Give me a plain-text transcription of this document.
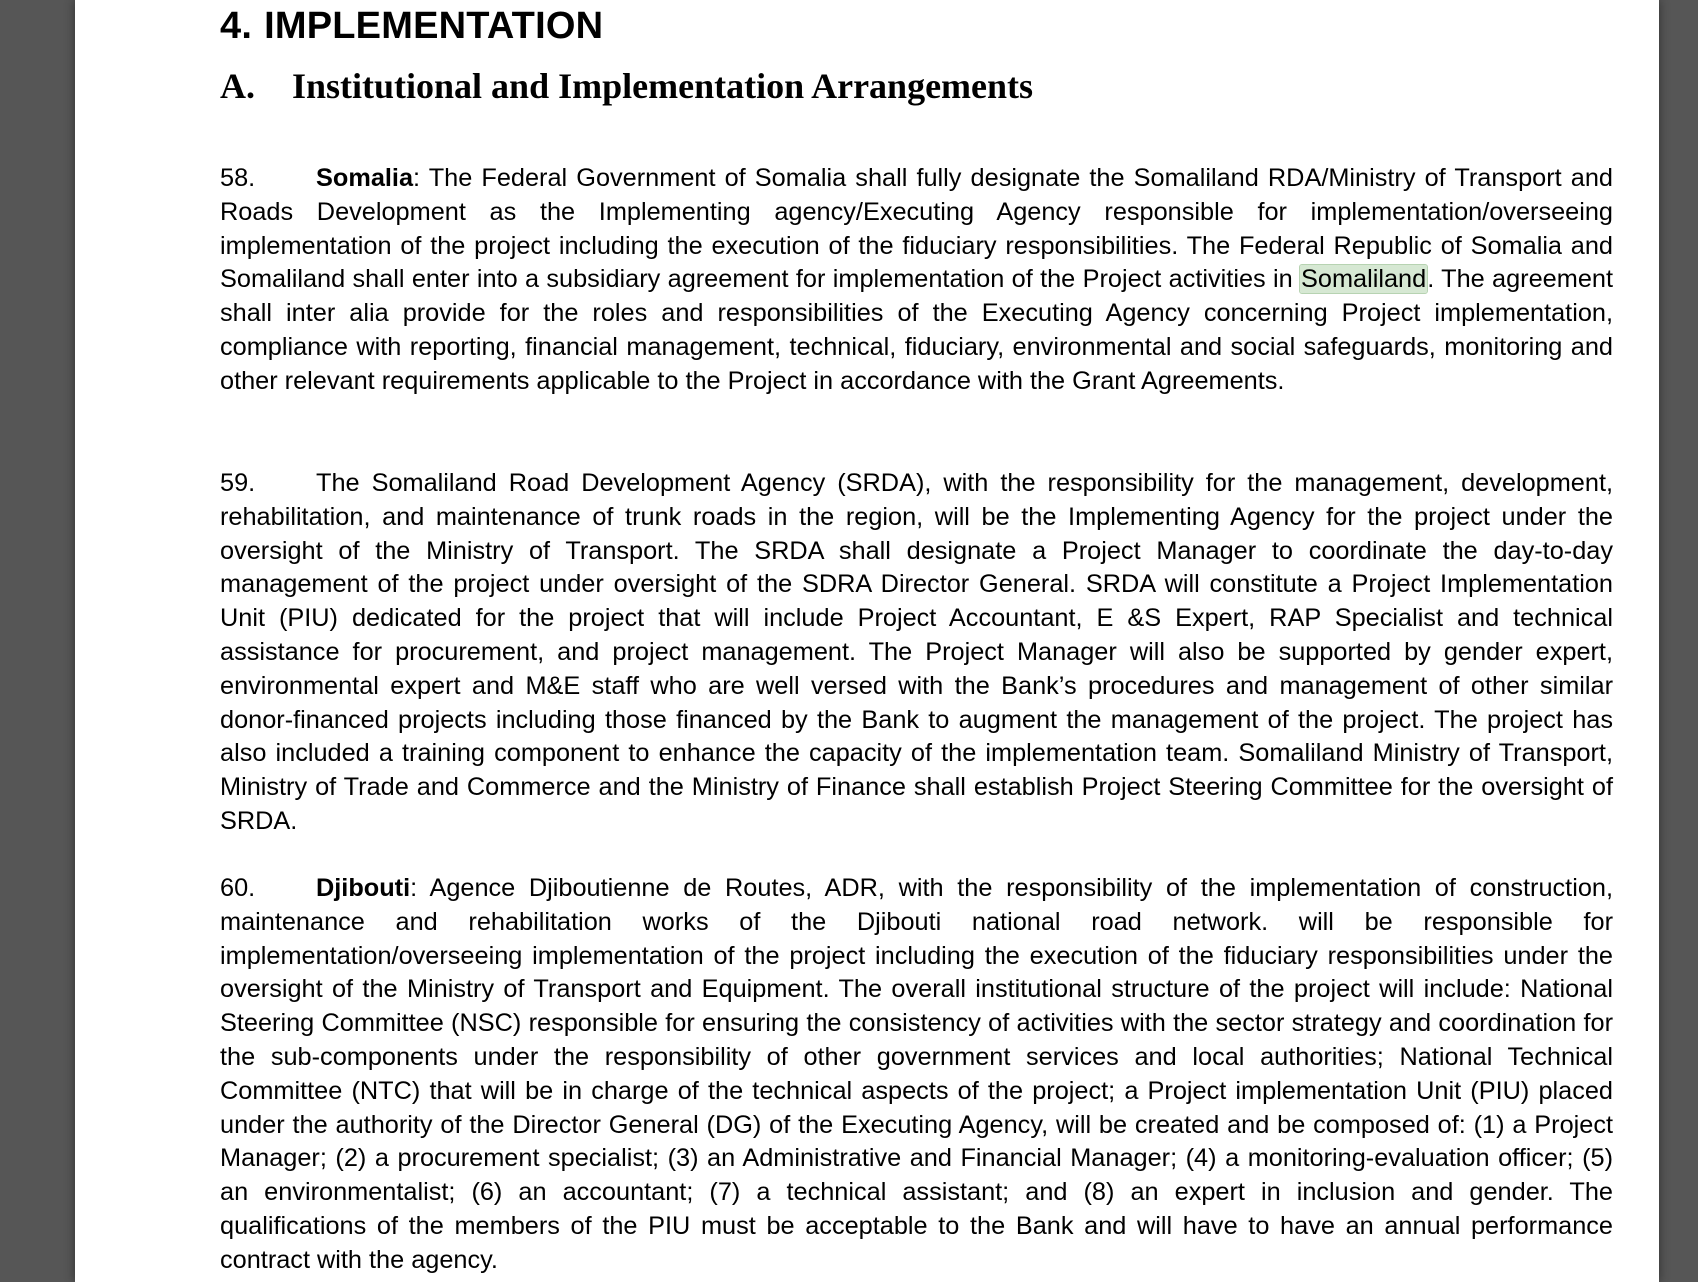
4. IMPLEMENTATION
A. Institutional and Implementation Arrangements

58. Somalia: The Federal Government of Somalia shall fully designate the Somaliland RDA/Ministry of Transport and Roads Development as the Implementing agency/Executing Agency responsible for implementation/overseeing implementation of the project including the execution of the fiduciary responsibilities. The Federal Republic of Somalia and Somaliland shall enter into a subsidiary agreement for implementation of the Project activities in Somaliland. The agreement shall inter alia provide for the roles and responsibilities of the Executing Agency concerning Project implementation, compliance with reporting, financial management, technical, fiduciary, environmental and social safeguards, monitoring and other relevant requirements applicable to the Project in accordance with the Grant Agreements.

59. The Somaliland Road Development Agency (SRDA), with the responsibility for the management, development, rehabilitation, and maintenance of trunk roads in the region, will be the Implementing Agency for the project under the oversight of the Ministry of Transport. The SRDA shall designate a Project Manager to coordinate the day-to-day management of the project under oversight of the SDRA Director General. SRDA will constitute a Project Implementation Unit (PIU) dedicated for the project that will include Project Accountant, E &S Expert, RAP Specialist and technical assistance for procurement, and project management. The Project Manager will also be supported by gender expert, environmental expert and M&E staff who are well versed with the Bank’s procedures and management of other similar donor-financed projects including those financed by the Bank to augment the management of the project. The project has also included a training component to enhance the capacity of the implementation team. Somaliland Ministry of Transport, Ministry of Trade and Commerce and the Ministry of Finance shall establish Project Steering Committee for the oversight of SRDA.

60. Djibouti: Agence Djiboutienne de Routes, ADR, with the responsibility of the implementation of construction, maintenance and rehabilitation works of the Djibouti national road network. will be responsible for implementation/overseeing implementation of the project including the execution of the fiduciary responsibilities under the oversight of the Ministry of Transport and Equipment. The overall institutional structure of the project will include: National Steering Committee (NSC) responsible for ensuring the consistency of activities with the sector strategy and coordination for the sub-components under the responsibility of other government services and local authorities; National Technical Committee (NTC) that will be in charge of the technical aspects of the project; a Project implementation Unit (PIU) placed under the authority of the Director General (DG) of the Executing Agency, will be created and be composed of: (1) a Project Manager; (2) a procurement specialist; (3) an Administrative and Financial Manager; (4) a monitoring-evaluation officer; (5) an environmentalist; (6) an accountant; (7) a technical assistant; and (8) an expert in inclusion and gender. The qualifications of the members of the PIU must be acceptable to the Bank and will have to have an annual performance contract with the agency.
